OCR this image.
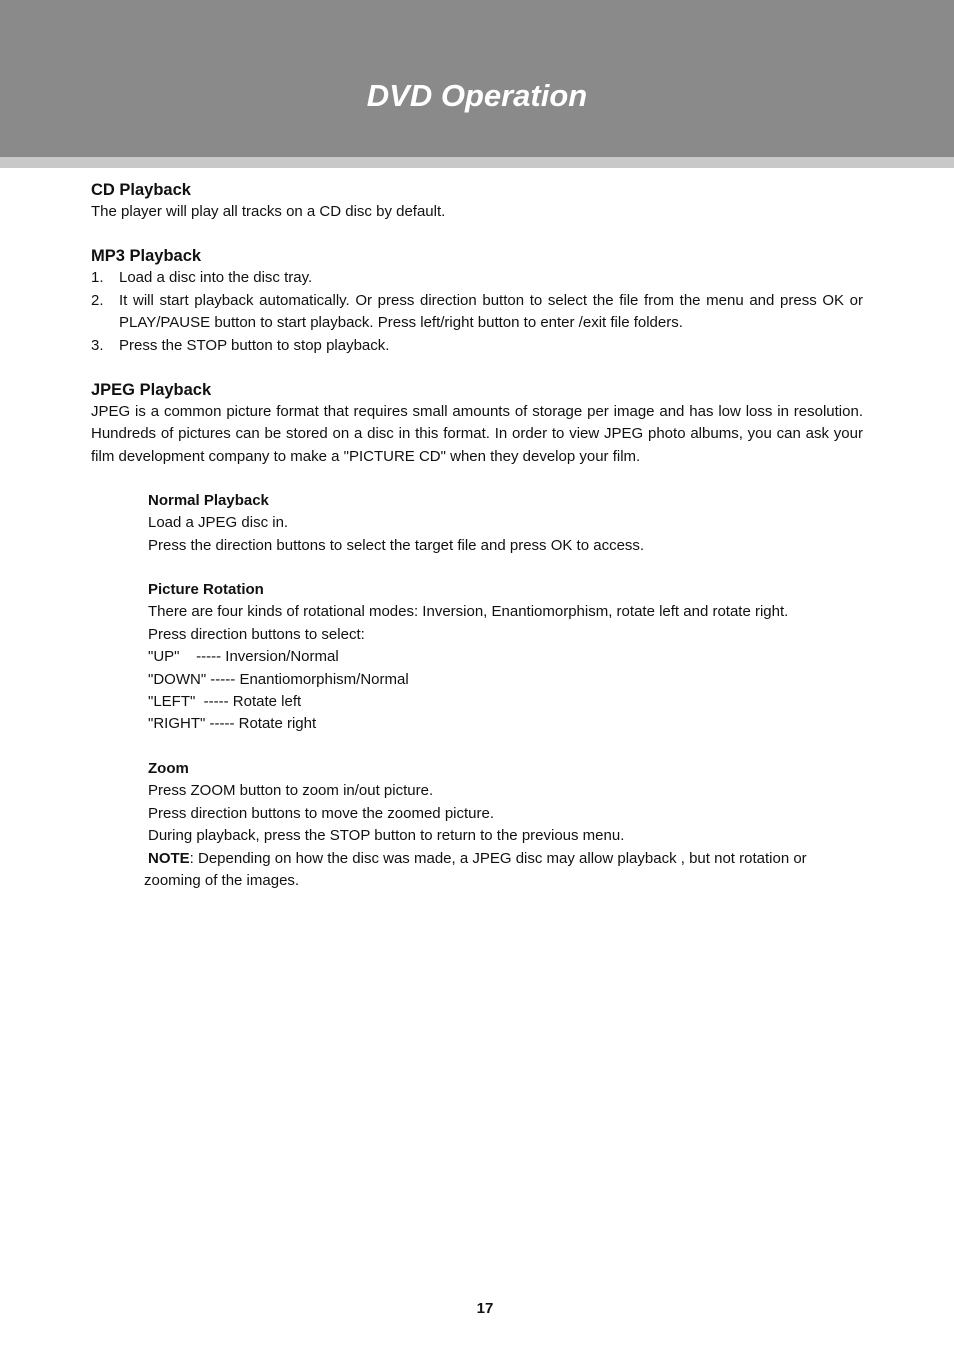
DVD Operation
CD Playback

The player will play all tracks on a CD disc by default.

MP3 Playback
1. Load a disc into the disc tray.
2. It will start playback automatically. Or press direction button to select the file from the menu and press OK or PLAY/PAUSE button to start playback. Press left/right button to enter /exit file folders.
3. Press the STOP button to stop playback.
JPEG Playback

JPEG is a common picture format that requires small amounts of storage per image and has low loss in resolution. Hundreds of pictures can be stored on a disc in this format. In order to view JPEG photo albums, you can ask your film development company to make a "PICTURE CD" when they develop your film.

Normal Playback
Load a JPEG disc in.
Press the direction buttons to select the target file and press OK to access.
Picture Rotation
There are four kinds of rotational modes: Inversion, Enantiomorphism, rotate left and rotate right.
Press direction buttons to select:
"UP"    ----- Inversion/Normal
"DOWN" ----- Enantiomorphism/Normal
"LEFT"  ----- Rotate left
"RIGHT" ----- Rotate right
Zoom
Press ZOOM button to zoom in/out picture.
Press direction buttons to move the zoomed picture.
During playback, press the STOP button to return to the previous menu.
NOTE: Depending on how the disc was made, a JPEG disc may allow playback , but not rotation or zooming of the images.
17
